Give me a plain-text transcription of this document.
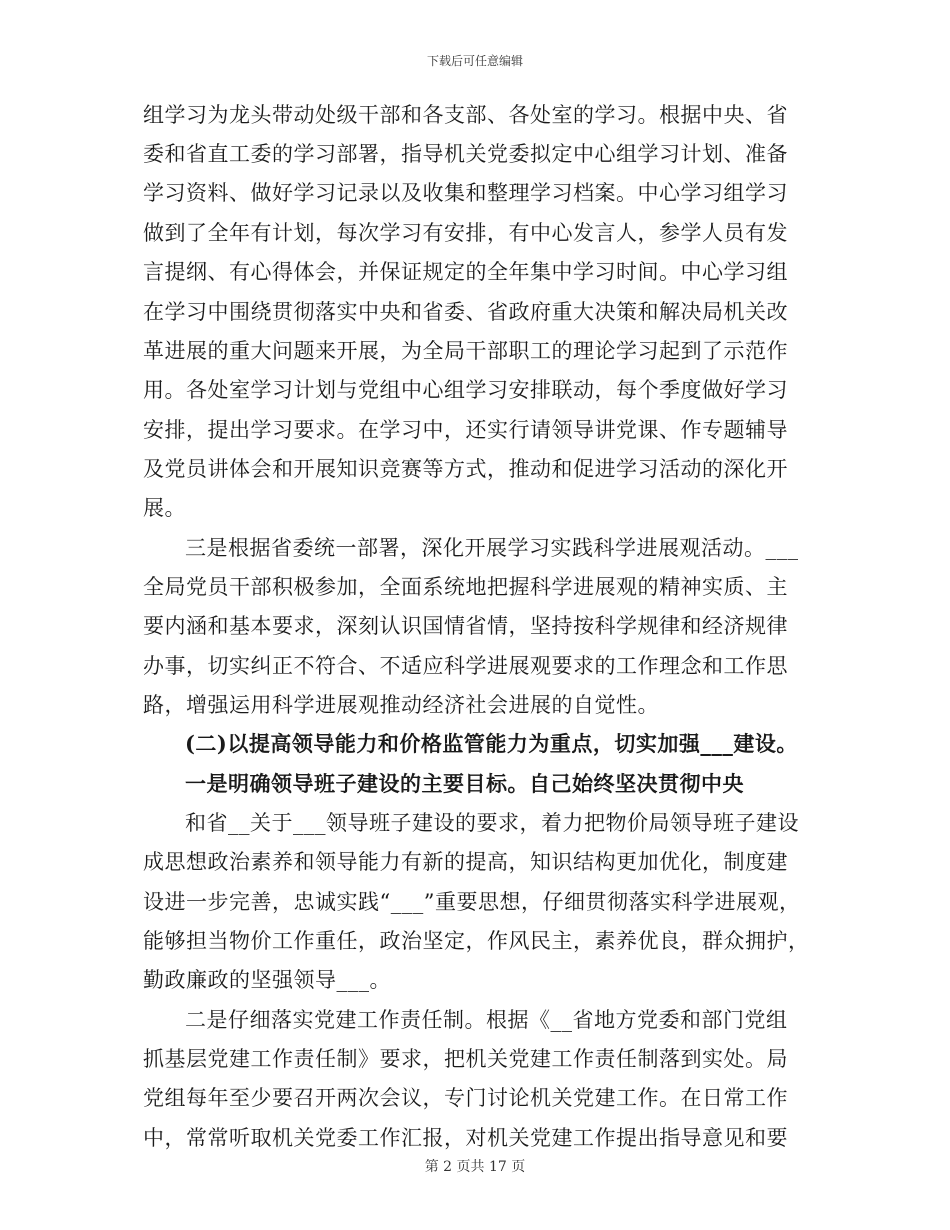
下载后可任意编辑
组学习为龙头带动处级干部和各支部、各处室的学习。根据中央、省
委和省直工委的学习部署，指导机关党委拟定中心组学习计划、准备
学习资料、做好学习记录以及收集和整理学习档案。中心学习组学习
做到了全年有计划，每次学习有安排，有中心发言人，参学人员有发
言提纲、有心得体会，并保证规定的全年集中学习时间。中心学习组
在学习中围绕贯彻落实中央和省委、省政府重大决策和解决局机关改
革进展的重大问题来开展，为全局干部职工的理论学习起到了示范作
用。各处室学习计划与党组中心组学习安排联动，每个季度做好学习
安排，提出学习要求。在学习中，还实行请领导讲党课、作专题辅导
及党员讲体会和开展知识竞赛等方式，推动和促进学习活动的深化开
展。
三是根据省委统一部署，深化开展学习实践科学进展观活动。___
全局党员干部积极参加，全面系统地把握科学进展观的精神实质、主
要内涵和基本要求，深刻认识国情省情，坚持按科学规律和经济规律
办事，切实纠正不符合、不适应科学进展观要求的工作理念和工作思
路，增强运用科学进展观推动经济社会进展的自觉性。
(二)以提高领导能力和价格监管能力为重点，切实加强___建设。
一是明确领导班子建设的主要目标。自己始终坚决贯彻中央
和省__关于___领导班子建设的要求，着力把物价局领导班子建设
成思想政治素养和领导能力有新的提高，知识结构更加优化，制度建
设进一步完善，忠诚实践“___”重要思想，仔细贯彻落实科学进展观，
能够担当物价工作重任，政治坚定，作风民主，素养优良，群众拥护，
勤政廉政的坚强领导___。
二是仔细落实党建工作责任制。根据《__省地方党委和部门党组
抓基层党建工作责任制》要求，把机关党建工作责任制落到实处。局
党组每年至少要召开两次会议，专门讨论机关党建工作。在日常工作
中，常常听取机关党委工作汇报，对机关党建工作提出指导意见和要
第 2 页共 17 页
